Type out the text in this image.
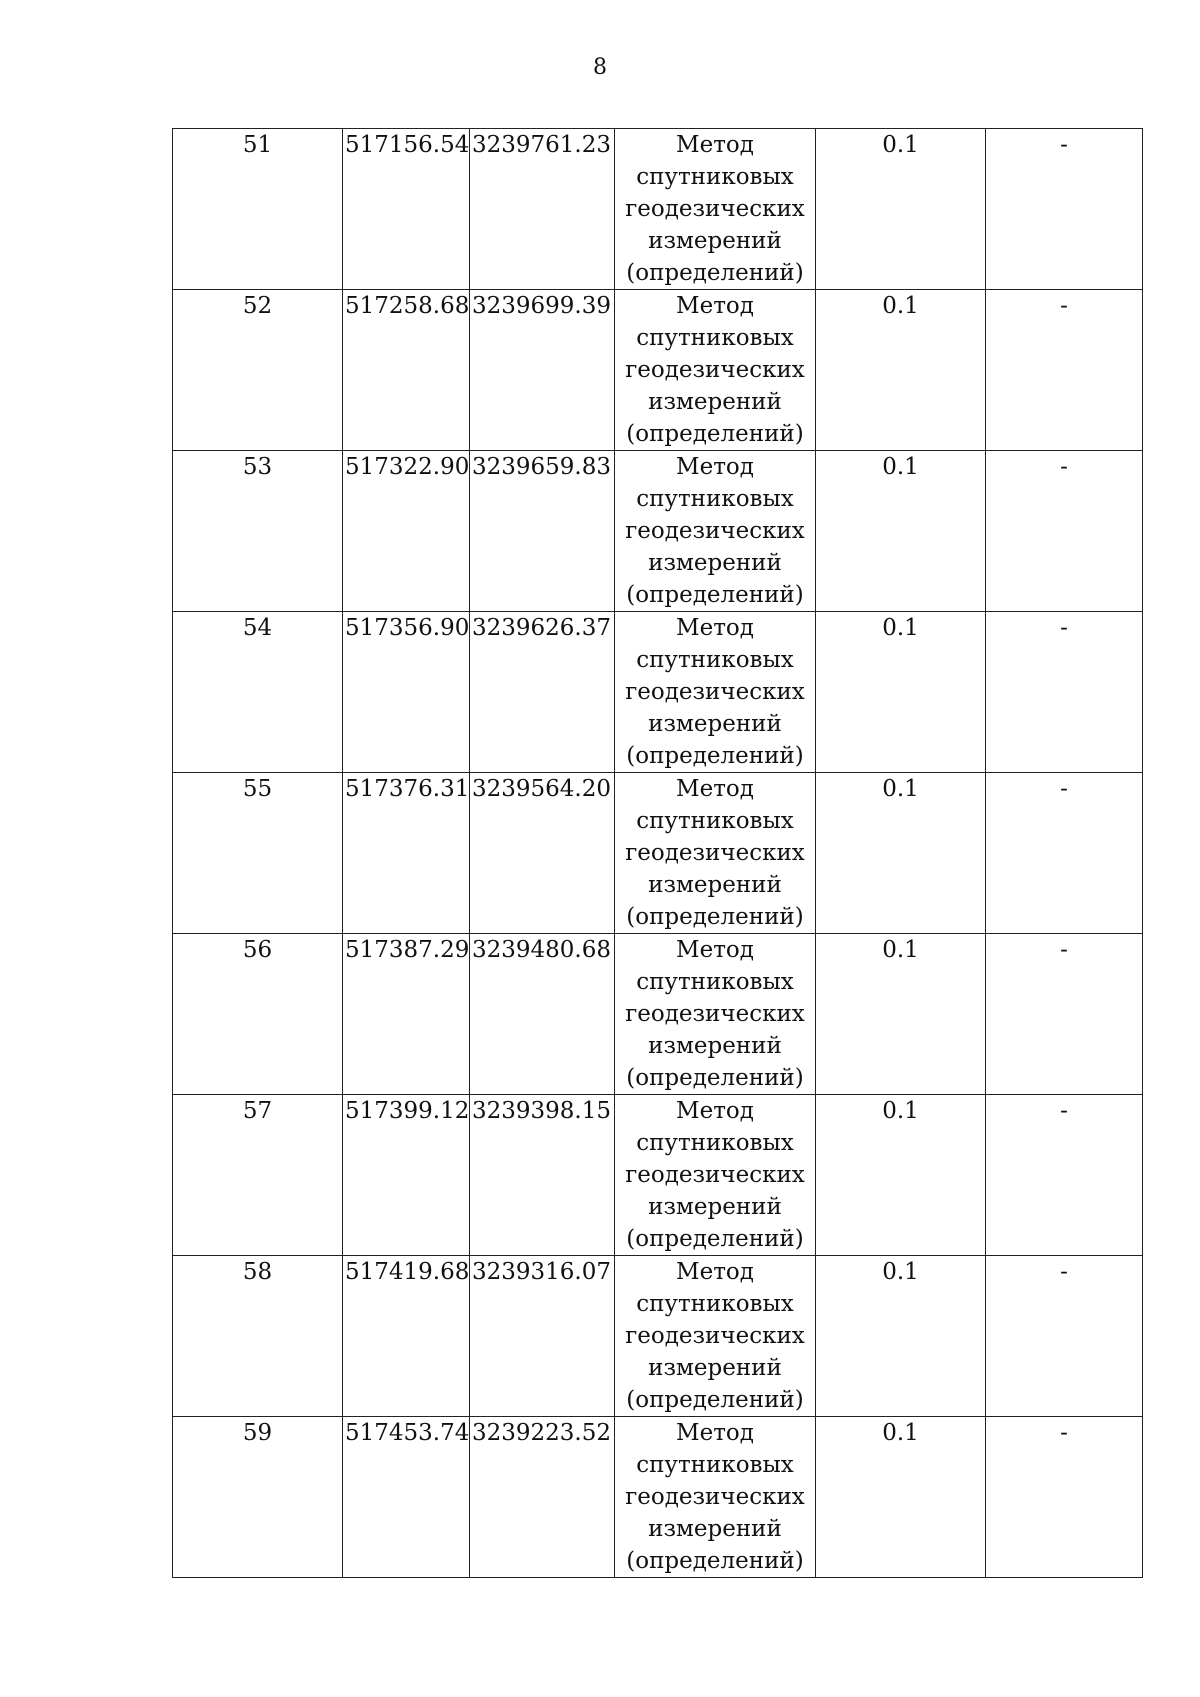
8
51	517156.54	3239761.23	Метод
спутниковых
геодезических
измерений
(определений)	0.1	-
52	517258.68	3239699.39	Метод
спутниковых
геодезических
измерений
(определений)	0.1	-
53	517322.90	3239659.83	Метод
спутниковых
геодезических
измерений
(определений)	0.1	-
54	517356.90	3239626.37	Метод
спутниковых
геодезических
измерений
(определений)	0.1	-
55	517376.31	3239564.20	Метод
спутниковых
геодезических
измерений
(определений)	0.1	-
56	517387.29	3239480.68	Метод
спутниковых
геодезических
измерений
(определений)	0.1	-
57	517399.12	3239398.15	Метод
спутниковых
геодезических
измерений
(определений)	0.1	-
58	517419.68	3239316.07	Метод
спутниковых
геодезических
измерений
(определений)	0.1	-
59	517453.74	3239223.52	Метод
спутниковых
геодезических
измерений
(определений)	0.1	-
